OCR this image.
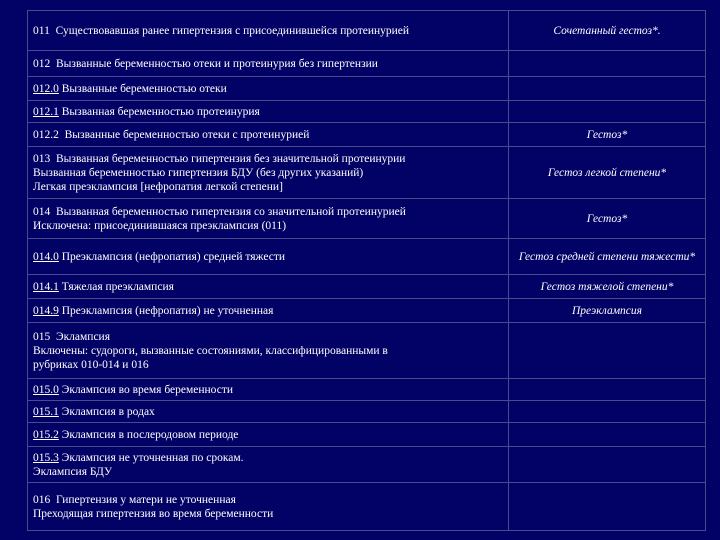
011 Существовавшая ранее гипертензия с присоединившейся протеинурией	Сочетанный гестоз*.
012 Вызванные беременностью отеки и протеинурия без гипертензии	
012.0 Вызванные беременностью отеки	
012.1 Вызванная беременностью протеинурия	
012.2 Вызванные беременностью отеки с протеинурией	Гестоз*
013 Вызванная беременностью гипертензия без значительной протеинурии
Вызванная беременностью гипертензия БДУ (без других указаний)
Легкая преэклампсия [нефропатия легкой степени]	Гестоз легкой степени*
014 Вызванная беременностью гипертензия со значительной протеинурией
Исключена: присоединившаяся преэклампсия (011)	Гестоз*
014.0 Преэклампсия (нефропатия) средней тяжести	Гестоз средней степени тяжести*
014.1 Тяжелая преэклампсия	Гестоз тяжелой степени*
014.9 Преэклампсия (нефропатия) не уточненная	Преэклампсия
015 Эклампсия
Включены: судороги, вызванные состояниями, классифицированными в
рубриках 010-014 и 016	
015.0 Эклампсия во время беременности	
015.1 Эклампсия в родах	
015.2 Эклампсия в послеродовом периоде	
015.3 Эклампсия не уточненная по срокам.
Эклампсия БДУ	
016 Гипертензия у матери не уточненная
Преходящая гипертензия во время беременности	
